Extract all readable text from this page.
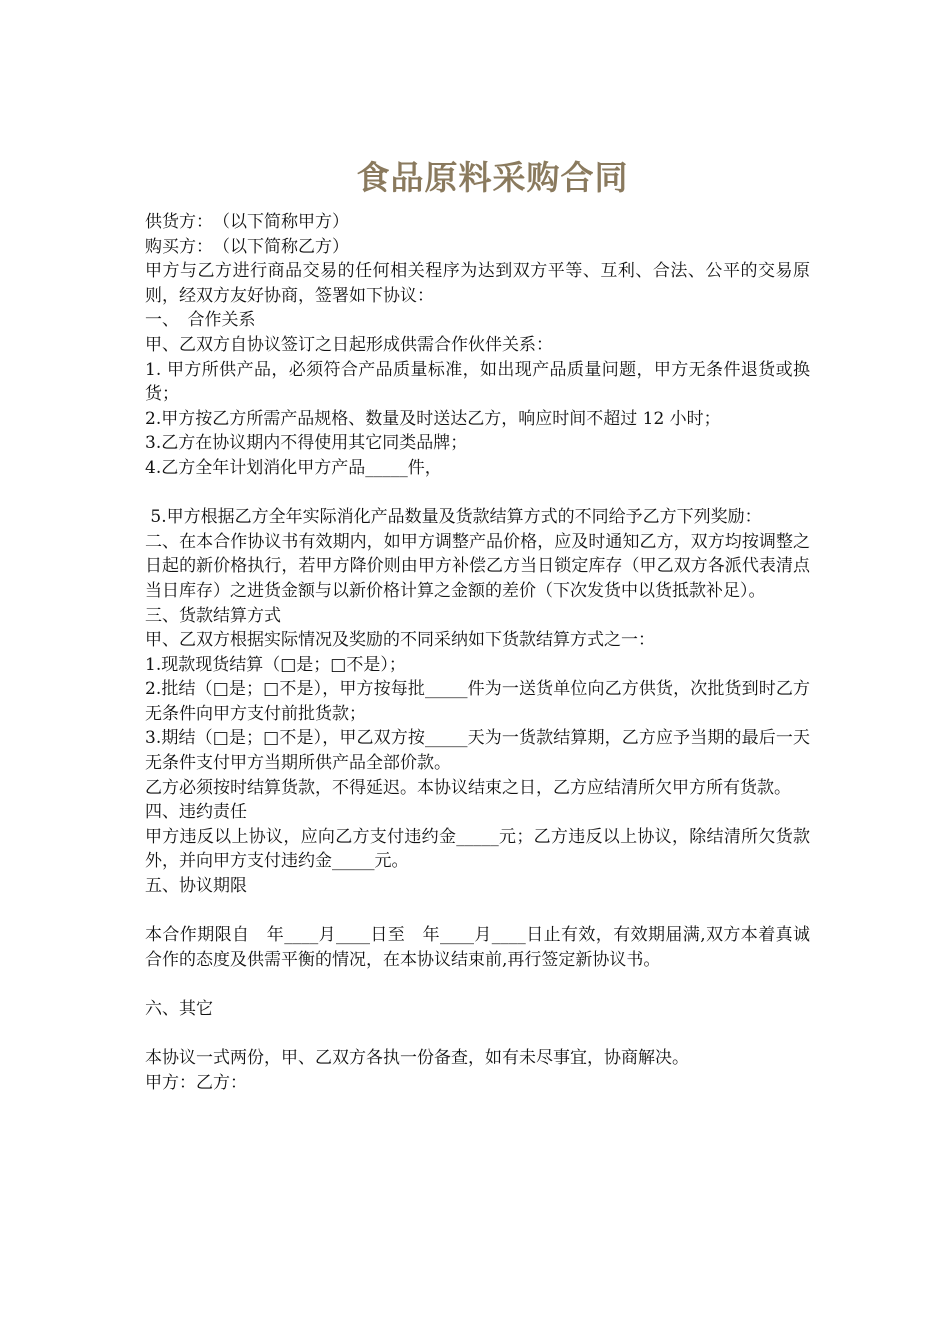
食品原料采购合同
供货方：　（以下简称甲方）
购买方：　（以下简称乙方）
甲方与乙方进行商品交易的任何相关程序为达到双方平等、互利、合法、公平的交易原则，经双方友好协商，签署如下协议：
一、　合作关系
甲、乙双方自协议签订之日起形成供需合作伙伴关系：
1. 甲方所供产品，必须符合产品质量标准，如出现产品质量问题，甲方无条件退货或换货；
2.甲方按乙方所需产品规格、数量及时送达乙方，响应时间不超过 12 小时；
3.乙方在协议期内不得使用其它同类品牌；
4.乙方全年计划消化甲方产品_____件，
5.甲方根据乙方全年实际消化产品数量及货款结算方式的不同给予乙方下列奖励：
二、在本合作协议书有效期内，如甲方调整产品价格，应及时通知乙方，双方均按调整之日起的新价格执行，若甲方降价则由甲方补偿乙方当日锁定库存（甲乙双方各派代表清点当日库存）之进货金额与以新价格计算之金额的差价（下次发货中以货抵款补足）。
三、货款结算方式
甲、乙双方根据实际情况及奖励的不同采纳如下货款结算方式之一：
1.现款现货结算（□是；□不是）；
2.批结（□是；□不是），甲方按每批_____件为一送货单位向乙方供货，次批货到时乙方无条件向甲方支付前批货款；
3.期结（□是；□不是），甲乙双方按_____天为一货款结算期，乙方应予当期的最后一天无条件支付甲方当期所供产品全部价款。
乙方必须按时结算货款，不得延迟。本协议结束之日，乙方应结清所欠甲方所有货款。
四、违约责任
甲方违反以上协议，应向乙方支付违约金_____元；乙方违反以上协议，除结清所欠货款外，并向甲方支付违约金_____元。
五、协议期限
本合作期限自　年____月____日至　年____月____日止有效，有效期届满,双方本着真诚合作的态度及供需平衡的情况，在本协议结束前,再行签定新协议书。
六、其它
本协议一式两份，甲、乙双方各执一份备查，如有未尽事宜，协商解决。
甲方：乙方：
